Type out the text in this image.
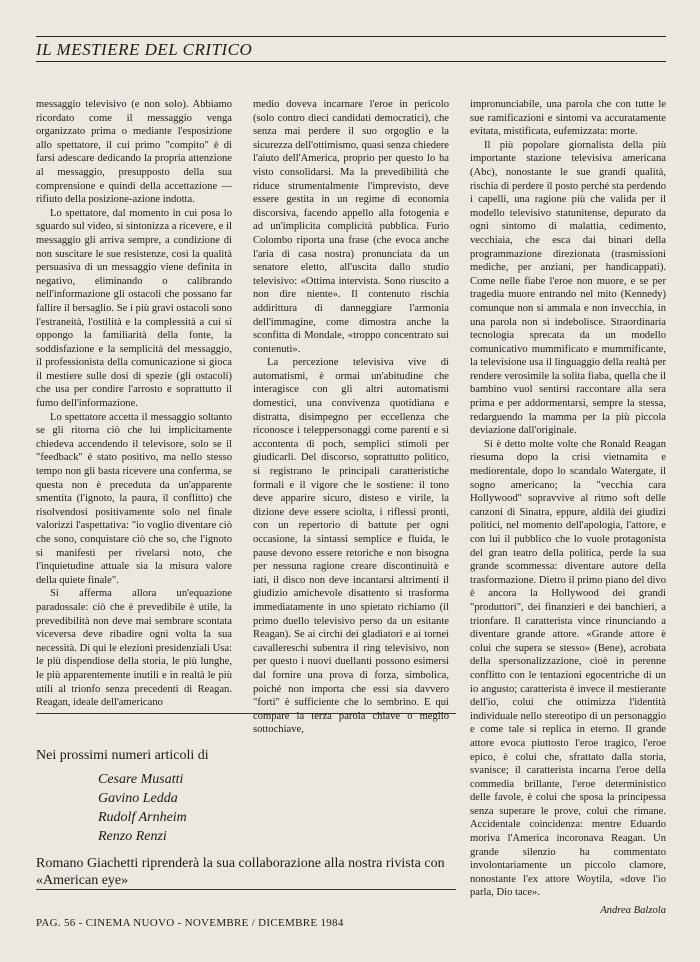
IL MESTIERE DEL CRITICO

messaggio televisivo (e non solo). Abbiamo ricordato come il messaggio venga organizzato prima o mediante l'esposizione allo spettatore, il cui primo "compito" è di farsi adescare dedicando la propria attenzione al messaggio, presupposto della sua comprensione e quindi della accettazione — rifiuto della posizione-azione indotta.

Lo spettatore, dal momento in cui posa lo sguardo sul video, si sintonizza a ricevere, e il messaggio gli arriva sempre, a condizione di non suscitare le sue resistenze, così la qualità persuasiva di un messaggio viene definita in negativo, eliminando o calibrando nell'informazione gli ostacoli che possano far fallire il bersaglio. Se i più gravi ostacoli sono l'estraneità, l'ostilità e la complessità a cui si oppongo la familiarità della fonte, la soddisfazione e la semplicità del messaggio, il professionista della comunicazione si gioca il mestiere sulle dosi di spezie (gli ostacoli) che usa per condire l'arrosto e soprattutto il fumo dell'informazione.

Lo spettatore accetta il messaggio soltanto se gli ritorna ciò che lui implicitamente chiedeva accendendo il televisore, solo se il "feedback" è stato positivo, ma nello stesso tempo non gli basta ricevere una conferma, se questa non è preceduta da un'apparente smentita (l'ignoto, la paura, il conflitto) che risolvendosi positivamente solo nel finale valorizzi l'aspettativa: "io voglio diventare ciò che sono, conquistare ciò che so, che l'ignoto si manifesti per rivelarsi noto, che l'inquietudine attuale sia la misura valore della quiete finale".

Si afferma allora un'equazione paradossale: ciò che è prevedibile è utile, la prevedibilità non deve mai sembrare scontata viceversa deve ribadire ogni volta la sua necessità. Di qui le elezioni presidenziali Usa: le più dispendiose della storia, le più lunghe, le più apparentemente inutili e in realtà le più utili al trionfo senza precedenti di Reagan. Reagan, ideale dell'americano

medio doveva incarnare l'eroe in pericolo (solo contro dieci candidati democratici), che senza mai perdere il suo orgoglio e la sicurezza dell'ottimismo, quasi senza chiedere l'aiuto dell'America, proprio per questo lo ha visto consolidarsi. Ma la prevedibilità che riduce strumentalmente l'imprevisto, deve essere gestita in un regime di economia discorsiva, facendo appello alla fotogenia e ad un'implicita complicità pubblica. Furio Colombo riporta una frase (che evoca anche l'aria di casa nostra) pronunciata da un senatore eletto, all'uscita dallo studio televisivo: «Ottima intervista. Sono riuscito a non dire niente». Il contenuto rischia addirittura di danneggiare l'armonia dell'immagine, come dimostra anche la sconfitta di Mondale, «troppo concentrato sui contenuti».

La percezione televisiva vive di automatismi, è ormai un'abitudine che interagisce con gli altri automatismi domestici, una convivenza quotidiana e distratta, disimpegno per eccellenza che riconosce i teleppersonaggi come parenti e si accontenta di poch, semplici stimoli per giudicarli. Del discorso, soprattutto politico, si registrano le principali caratteristiche formali e il vigore che le sostiene: il tono deve apparire sicuro, disteso e virile, la dizione deve essere sciolta, i riflessi pronti, con un repertorio di battute per ogni occasione, la sintassi semplice e fluida, le pause devono essere retoriche e non bisogna per nessuna ragione creare discontinuità e iati, il disco non deve incantarsi altrimenti il giudizio amichevole disattento si trasforma immediatamente in uno spietato richiamo (il primo duello televisivo perso da un esitante Reagan). Se ai circhi dei gladiatori e ai tornei cavallereschi subentra il ring televisivo, non per questo i nuovi duellanti possono esimersi dal fornire una prova di forza, simbolica, poiché non importa che essi sia davvero "forti" è sufficiente che lo sembrino. E qui compare la terza parola chiave o meglio sottochiave,

impronunciabile, una parola che con tutte le sue ramificazioni e sintomi va accuratamente evitata, mistificata, eufemizzata: morte.

Il più popolare giornalista della più importante stazione televisiva americana (Abc), nonostante le sue grandi qualità, rischia di perdere il posto perché sta perdendo i capelli, una ragione più che valida per il modello televisivo statunitense, depurato da ogni sintomo di malattia, cedimento, vecchiaia, che esca dai binari della programmazione direzionata (trasmissioni mediche, per anziani, per handicappati). Come nelle fiabe l'eroe non muore, e se per tragedia muore entrando nel mito (Kennedy) comunque non si ammala e non invecchia, in una parola non si indebolisce. Straordinaria tecnologia sprecata da un modello comunicativo mummificato e mummificante, la televisione usa il linguaggio della realtà per rendere verosimile la solita fiaba, quella che il bambino vuol sentirsi raccontare alla sera prima e per addormentarsi, sempre la stessa, redarguendo la mamma per la più piccola deviazione dall'originale.

Si è detto molte volte che Ronald Reagan riesuma dopo la crisi vietnamita e mediorentale, dopo lo scandalo Watergate, il sogno americano; la "vecchia cara Hollywood" sopravvive al ritmo soft delle canzoni di Sinatra, eppure, aldilà dei giudizi politici, nel momento dell'apologia, l'attore, e con lui il pubblico che lo vuole protagonista del gran teatro della politica, perde la sua grande scommessa: diventare autore della trasformazione. Dietro il primo piano del divo è ancora la Hollywood dei grandi "produttori", dei finanzieri e dei banchieri, a trionfare. Il caratterista vince rinunciando a diventare grande attore. «Grande attore è colui che supera se stesso» (Bene), acrobata della spersonalizzazione, cioè in perenne conflitto con le tentazioni egocentriche di un io angusto; caratterista è invece il mestierante dell'io, colui che ottimizza l'identità individuale nello stereotipo di un personaggio e come tale si replica in eterno. Il grande attore evoca piuttosto l'eroe tragico, l'eroe epico, è colui che, sfrattato dalla storia, svanisce; il caratterista incarna l'eroe della commedia brillante, l'eroe deterministico delle favole, è colui che sposa la principessa senza superare le prove, colui che rimane. Accidentale coincidenza: mentre Eduardo moriva l'America incoronava Reagan. Un grande silenzio ha commentato involontariamente un piccolo clamore, nonostante l'ex attore Woytila, «dove l'io parla, Dio tace».

Andrea Balzola
Nei prossimi numeri articoli di
Cesare Musatti
Gavino Ledda
Rudolf Arnheim
Renzo Renzi
Romano Giachetti riprenderà la sua collaborazione alla nostra rivista con «American eye»
PAG. 56 - CINEMA NUOVO - NOVEMBRE / DICEMBRE 1984
